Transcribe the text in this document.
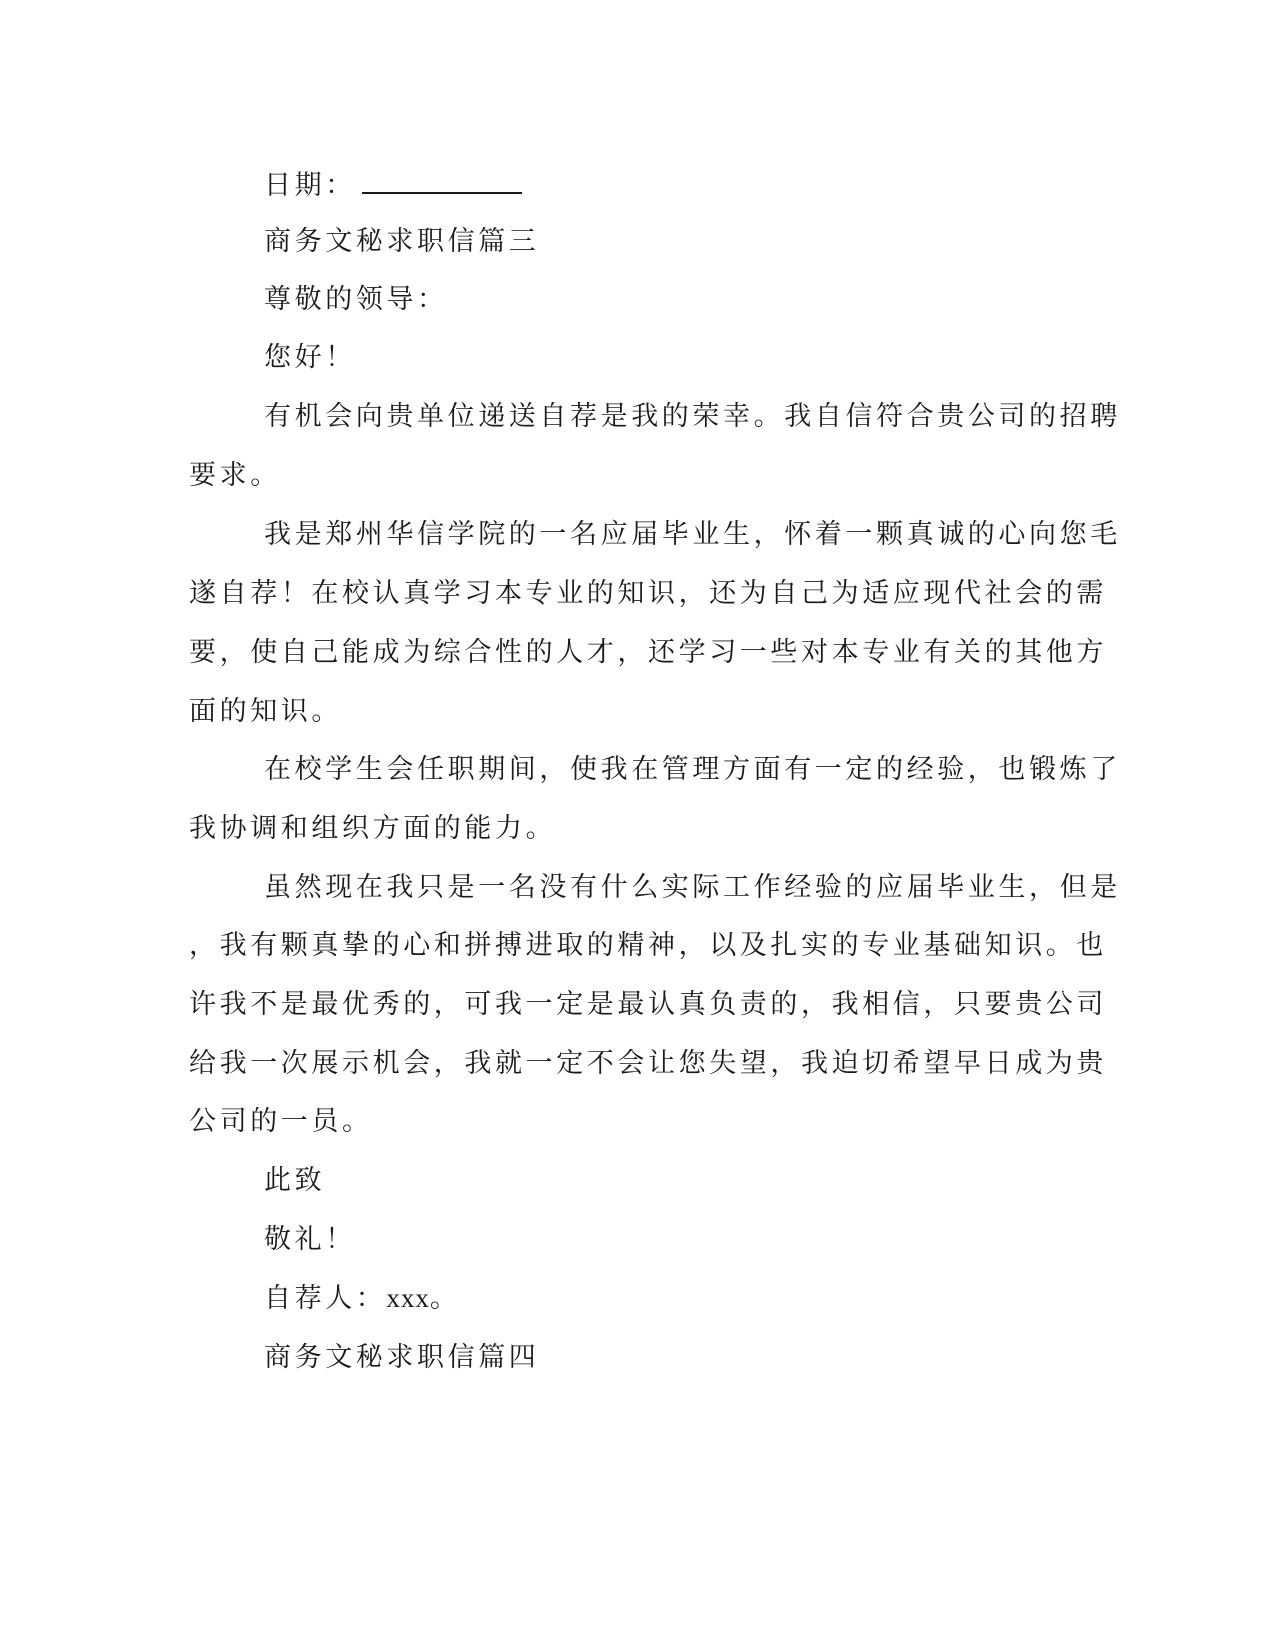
日期：
商务文秘求职信篇三
尊敬的领导：
您好！
有机会向贵单位递送自荐是我的荣幸。我自信符合贵公司的招聘
要求。
我是郑州华信学院的一名应届毕业生，怀着一颗真诚的心向您毛
遂自荐！在校认真学习本专业的知识，还为自己为适应现代社会的需
要，使自己能成为综合性的人才，还学习一些对本专业有关的其他方
面的知识。
在校学生会任职期间，使我在管理方面有一定的经验，也锻炼了
我协调和组织方面的能力。
虽然现在我只是一名没有什么实际工作经验的应届毕业生，但是
，我有颗真挚的心和拼搏进取的精神，以及扎实的专业基础知识。也
许我不是最优秀的，可我一定是最认真负责的，我相信，只要贵公司
给我一次展示机会，我就一定不会让您失望，我迫切希望早日成为贵
公司的一员。
此致
敬礼！
自荐人：xxx。
商务文秘求职信篇四
